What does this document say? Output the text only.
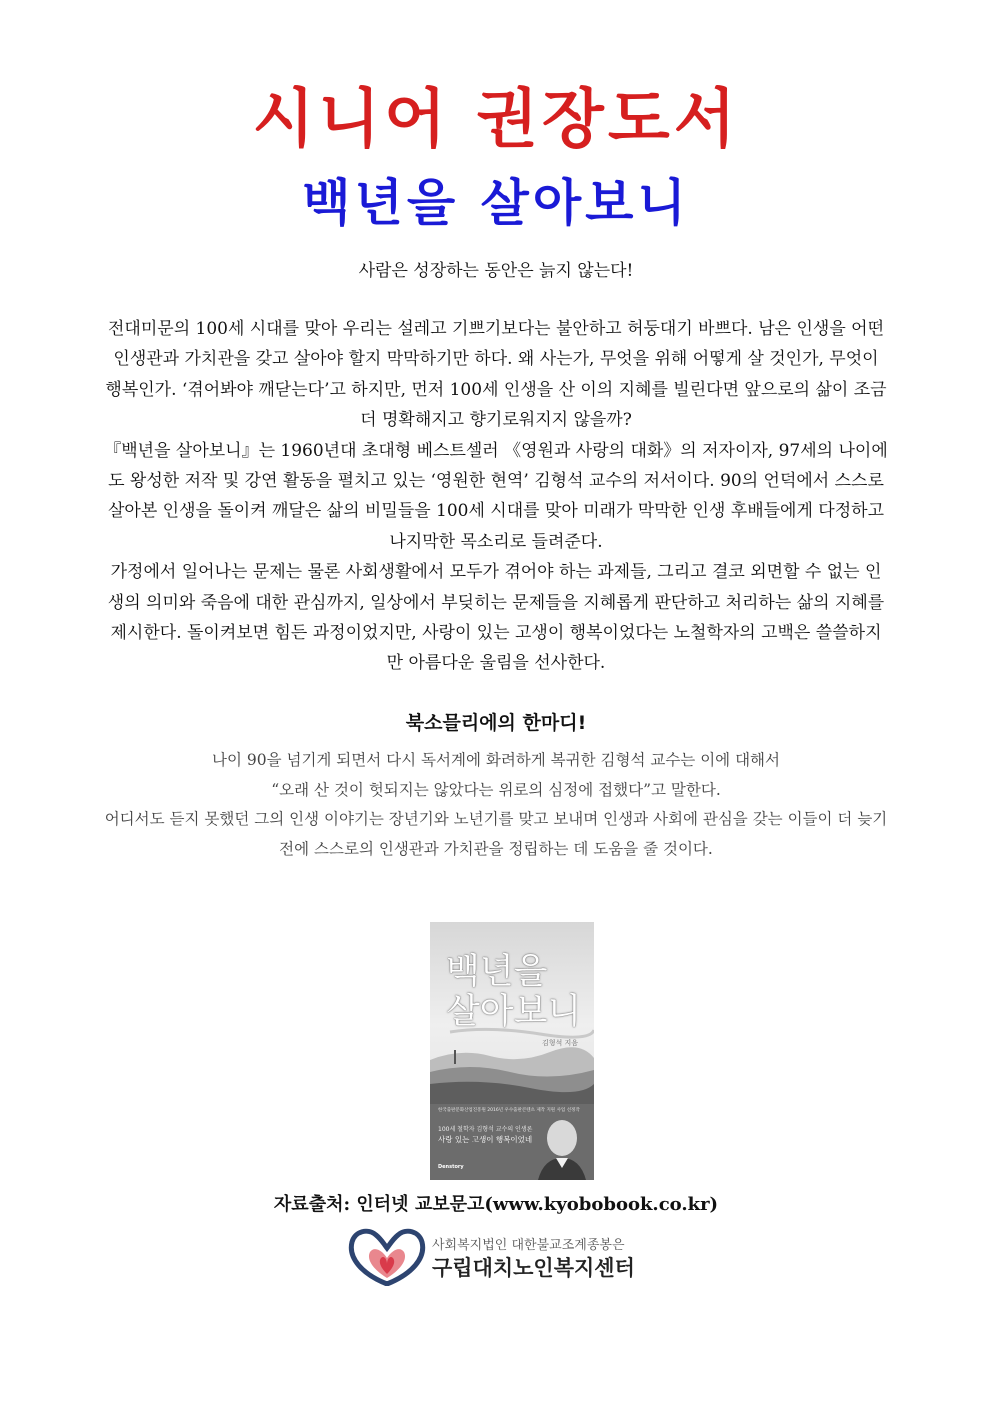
시니어 권장도서
백년을 살아보니
사람은 성장하는 동안은 늙지 않는다!

전대미문의 100세 시대를 맞아 우리는 설레고 기쁘기보다는 불안하고 허둥대기 바쁘다. 남은 인생을 어떤 인생관과 가치관을 갖고 살아야 할지 막막하기만 하다. 왜 사는가, 무엇을 위해 어떻게 살 것인가, 무엇이 행복인가. ‘겪어봐야 깨닫는다’고 하지만, 먼저 100세 인생을 산 이의 지혜를 빌린다면 앞으로의 삶이 조금 더 명확해지고 향기로워지지 않을까?

『백년을 살아보니』는 1960년대 초대형 베스트셀러 《영원과 사랑의 대화》의 저자이자, 97세의 나이에도 왕성한 저작 및 강연 활동을 펼치고 있는 ‘영원한 현역’ 김형석 교수의 저서이다. 90의 언덕에서 스스로 살아본 인생을 돌이켜 깨달은 삶의 비밀들을 100세 시대를 맞아 미래가 막막한 인생 후배들에게 다정하고 나지막한 목소리로 들려준다.

가정에서 일어나는 문제는 물론 사회생활에서 모두가 겪어야 하는 과제들, 그리고 결코 외면할 수 없는 인생의 의미와 죽음에 대한 관심까지, 일상에서 부딪히는 문제들을 지혜롭게 판단하고 처리하는 삶의 지혜를 제시한다. 돌이켜보면 힘든 과정이었지만, 사랑이 있는 고생이 행복이었다는 노철학자의 고백은 쓸쓸하지만 아름다운 울림을 선사한다.

북소믈리에의 한마디!

나이 90을 넘기게 되면서 다시 독서계에 화려하게 복귀한 김형석 교수는 이에 대해서

“오래 산 것이 헛되지는 않았다는 위로의 심정에 접했다”고 말한다.

어디서도 듣지 못했던 그의 인생 이야기는 장년기와 노년기를 맞고 보내며 인생과 사회에 관심을 갖는 이들이 더 늦기 전에 스스로의 인생관과 가치관을 정립하는 데 도움을 줄 것이다.

백년을
살아보니
김형석 지음
한국출판문화산업진흥원 2016년 우수출판콘텐츠 제작 지원 사업 선정작
100세 철학자 김형석 교수의 인생론
사랑 있는 고생이 행복이었네
Denstory
자료출처: 인터넷 교보문고(www.kyobobook.co.kr)
사회복지법인 대한불교조계종봉은
구립대치노인복지센터
